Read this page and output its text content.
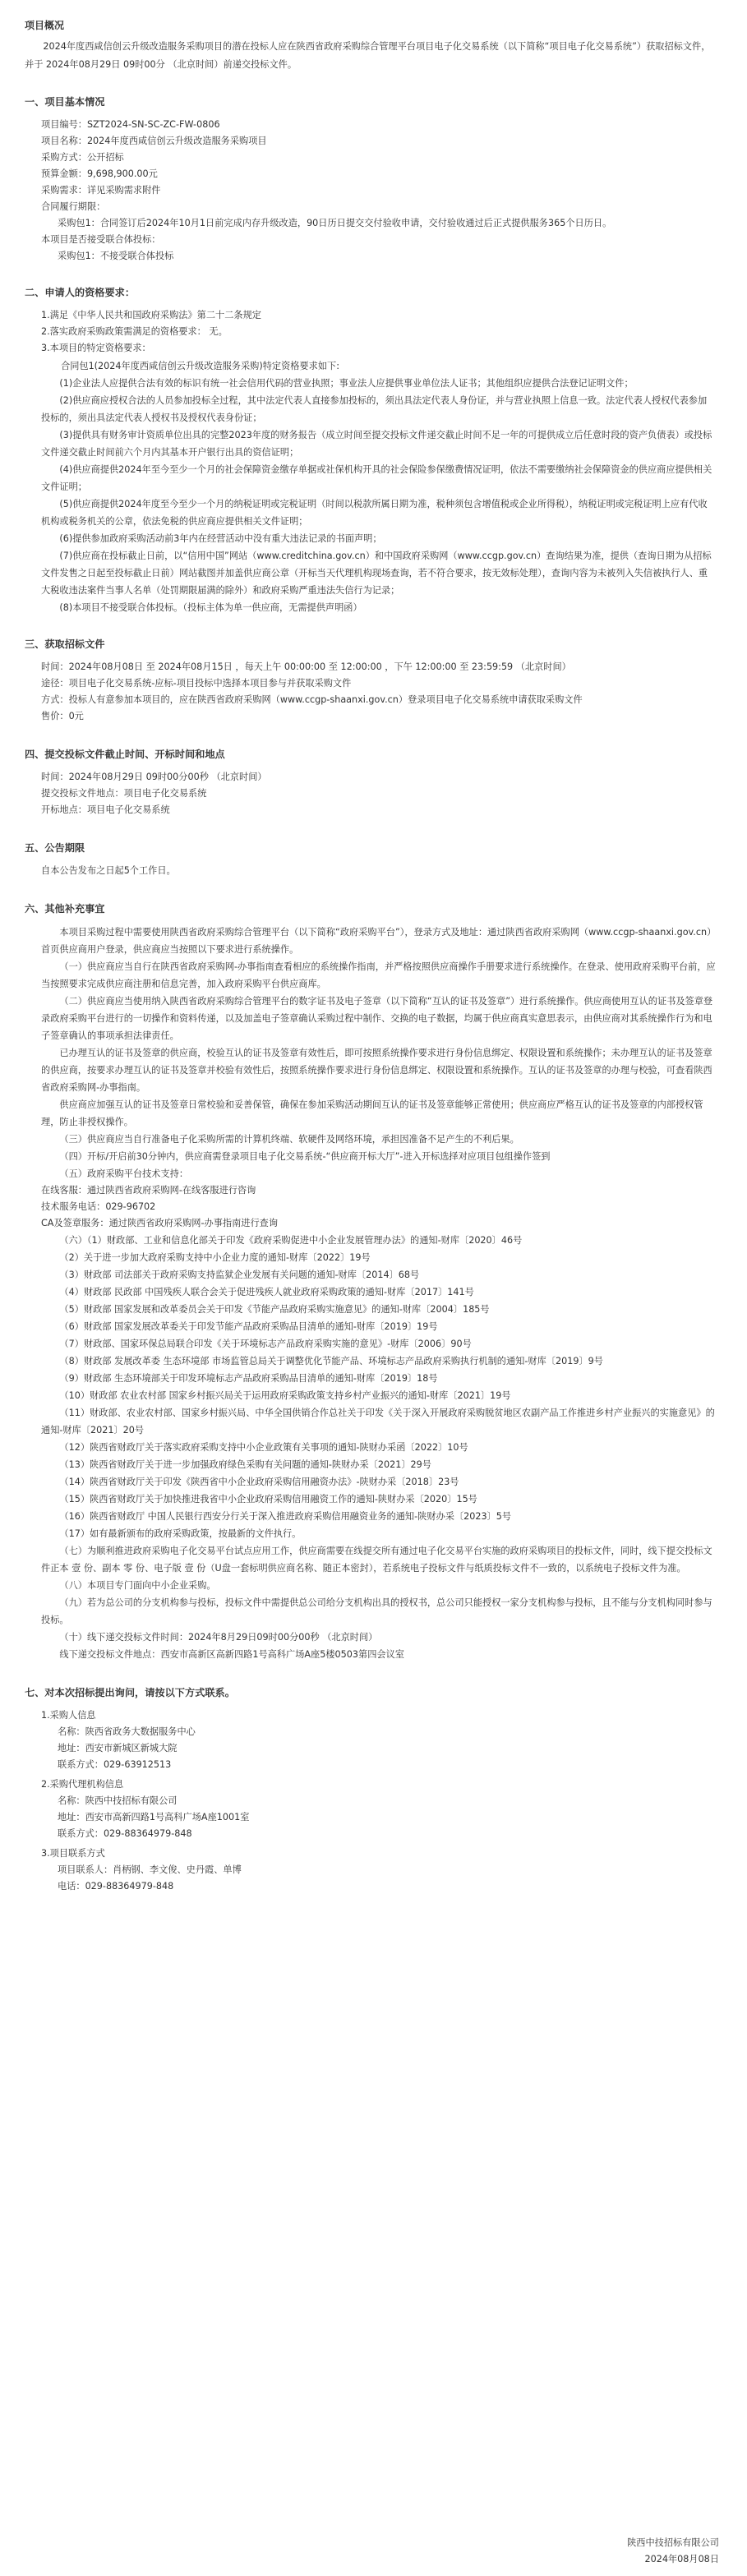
项目概况
2024年度西咸信创云升级改造服务采购项目的潜在投标人应在陕西省政府采购综合管理平台项目电子化交易系统（以下简称“项目电子化交易系统”）获取招标文件，并于 2024年08月29日 09时00分 （北京时间）前递交投标文件。
一、项目基本情况
项目编号：SZT2024-SN-SC-ZC-FW-0806
项目名称：2024年度西咸信创云升级改造服务采购项目
采购方式：公开招标
预算金额：9,698,900.00元
采购需求：详见采购需求附件
合同履行期限：
采购包1：合同签订后2024年10月1日前完成内存升级改造，90日历日提交交付验收申请，交付验收通过后正式提供服务365个日历日。
本项目是否接受联合体投标：
采购包1：不接受联合体投标
二、申请人的资格要求：
1.满足《中华人民共和国政府采购法》第二十二条规定
2.落实政府采购政策需满足的资格要求： 无。
3.本项目的特定资格要求：
合同包1(2024年度西咸信创云升级改造服务采购)特定资格要求如下:
(1)企业法人应提供合法有效的标识有统一社会信用代码的营业执照；事业法人应提供事业单位法人证书；其他组织应提供合法登记证明文件；
(2)供应商应授权合法的人员参加投标全过程，其中法定代表人直接参加投标的，须出具法定代表人身份证，并与营业执照上信息一致。法定代表人授权代表参加投标的，须出具法定代表人授权书及授权代表身份证；
(3)提供具有财务审计资质单位出具的完整2023年度的财务报告（成立时间至提交投标文件递交截止时间不足一年的可提供成立后任意时段的资产负债表）或投标文件递交截止时间前六个月内其基本开户银行出具的资信证明；
(4)供应商提供2024年至今至少一个月的社会保障资金缴存单据或社保机构开具的社会保险参保缴费情况证明，依法不需要缴纳社会保障资金的供应商应提供相关文件证明；
(5)供应商提供2024年度至今至少一个月的纳税证明或完税证明（时间以税款所属日期为准，税种须包含增值税或企业所得税），纳税证明或完税证明上应有代收机构或税务机关的公章，依法免税的供应商应提供相关文件证明；
(6)提供参加政府采购活动前3年内在经营活动中没有重大违法记录的书面声明；
(7)供应商在投标截止日前，以“信用中国”网站（www.creditchina.gov.cn）和中国政府采购网（www.ccgp.gov.cn）查询结果为准，提供（查询日期为从招标文件发售之日起至投标截止日前）网站截图并加盖供应商公章（开标当天代理机构现场查询，若不符合要求，按无效标处理），查询内容为未被列入失信被执行人、重大税收违法案件当事人名单（处罚期限届满的除外）和政府采购严重违法失信行为记录；
(8)本项目不接受联合体投标。（投标主体为单一供应商，无需提供声明函）
三、获取招标文件
时间：2024年08月08日 至 2024年08月15日 ，每天上午 00:00:00 至 12:00:00 ，下午 12:00:00 至 23:59:59 （北京时间）
途径：项目电子化交易系统-应标-项目投标中选择本项目参与并获取采购文件
方式：投标人有意参加本项目的，应在陕西省政府采购网（www.ccgp-shaanxi.gov.cn）登录项目电子化交易系统申请获取采购文件
售价：0元
四、提交投标文件截止时间、开标时间和地点
时间：2024年08月29日 09时00分00秒 （北京时间）
提交投标文件地点：项目电子化交易系统
开标地点：项目电子化交易系统
五、公告期限
自本公告发布之日起5个工作日。
六、其他补充事宜
本项目采购过程中需要使用陕西省政府采购综合管理平台（以下简称“政府采购平台”），登录方式及地址：通过陕西省政府采购网（www.ccgp-shaanxi.gov.cn）首页供应商用户登录，供应商应当按照以下要求进行系统操作。
（一）供应商应当自行在陕西省政府采购网-办事指南查看相应的系统操作指南，并严格按照供应商操作手册要求进行系统操作。在登录、使用政府采购平台前，应当按照要求完成供应商注册和信息完善，加入政府采购平台供应商库。
（二）供应商应当使用纳入陕西省政府采购综合管理平台的数字证书及电子签章（以下简称“互认的证书及签章”）进行系统操作。供应商使用互认的证书及签章登录政府采购平台进行的一切操作和资料传递，以及加盖电子签章确认采购过程中制作、交换的电子数据，均属于供应商真实意思表示，由供应商对其系统操作行为和电子签章确认的事项承担法律责任。
已办理互认的证书及签章的供应商，校验互认的证书及签章有效性后，即可按照系统操作要求进行身份信息绑定、权限设置和系统操作；未办理互认的证书及签章的供应商，按要求办理互认的证书及签章并校验有效性后，按照系统操作要求进行身份信息绑定、权限设置和系统操作。互认的证书及签章的办理与校验，可查看陕西省政府采购网-办事指南。
供应商应加强互认的证书及签章日常校验和妥善保管，确保在参加采购活动期间互认的证书及签章能够正常使用；供应商应严格互认的证书及签章的内部授权管理，防止非授权操作。
（三）供应商应当自行准备电子化采购所需的计算机终端、软硬件及网络环境，承担因准备不足产生的不利后果。
（四）开标/开启前30分钟内，供应商需登录项目电子化交易系统-“供应商开标大厅”-进入开标选择对应项目包组操作签到
（五）政府采购平台技术支持：
在线客服：通过陕西省政府采购网-在线客服进行咨询
技术服务电话：029-96702
CA及签章服务：通过陕西省政府采购网-办事指南进行查询
（六）（1）财政部、工业和信息化部关于印发《政府采购促进中小企业发展管理办法》的通知-财库〔2020〕46号
（2）关于进一步加大政府采购支持中小企业力度的通知-财库〔2022〕19号
（3）财政部 司法部关于政府采购支持监狱企业发展有关问题的通知-财库〔2014〕68号
（4）财政部 民政部 中国残疾人联合会关于促进残疾人就业政府采购政策的通知-财库〔2017〕141号
（5）财政部 国家发展和改革委员会关于印发《节能产品政府采购实施意见》的通知-财库〔2004〕185号
（6）财政部 国家发展改革委关于印发节能产品政府采购品目清单的通知-财库〔2019〕19号
（7）财政部、国家环保总局联合印发《关于环境标志产品政府采购实施的意见》-财库〔2006〕90号
（8）财政部 发展改革委 生态环境部 市场监管总局关于调整优化节能产品、环境标志产品政府采购执行机制的通知-财库〔2019〕9号
（9）财政部 生态环境部关于印发环境标志产品政府采购品目清单的通知-财库〔2019〕18号
（10）财政部 农业农村部 国家乡村振兴局关于运用政府采购政策支持乡村产业振兴的通知-财库〔2021〕19号
（11）财政部、农业农村部、国家乡村振兴局、中华全国供销合作总社关于印发《关于深入开展政府采购脱贫地区农副产品工作推进乡村产业振兴的实施意见》的通知-财库〔2021〕20号
（12）陕西省财政厅关于落实政府采购支持中小企业政策有关事项的通知-陕财办采函〔2022〕10号
（13）陕西省财政厅关于进一步加强政府绿色采购有关问题的通知-陕财办采〔2021〕29号
（14）陕西省财政厅关于印发《陕西省中小企业政府采购信用融资办法》-陕财办采〔2018〕23号
（15）陕西省财政厅关于加快推进我省中小企业政府采购信用融资工作的通知-陕财办采〔2020〕15号
（16）陕西省财政厅 中国人民银行西安分行关于深入推进政府采购信用融资业务的通知-陕财办采〔2023〕5号
（17）如有最新颁布的政府采购政策，按最新的文件执行。
（七）为顺利推进政府采购电子化交易平台试点应用工作，供应商需要在线提交所有通过电子化交易平台实施的政府采购项目的投标文件，同时，线下提交投标文件正本 壹 份、副本 零 份、电子版 壹 份（U盘一套标明供应商名称、随正本密封），若系统电子投标文件与纸质投标文件不一致的，以系统电子投标文件为准。
（八）本项目专门面向中小企业采购。
（九）若为总公司的分支机构参与投标，投标文件中需提供总公司给分支机构出具的授权书，总公司只能授权一家分支机构参与投标，且不能与分支机构同时参与投标。
（十）线下递交投标文件时间：2024年8月29日09时00分00秒 （北京时间）
线下递交投标文件地点：西安市高新区高新四路1号高科广场A座5楼0503第四会议室
七、对本次招标提出询问，请按以下方式联系。
1.采购人信息
名称：陕西省政务大数据服务中心
地址：西安市新城区新城大院
联系方式：029-63912513
2.采购代理机构信息
名称：陕西中技招标有限公司
地址：西安市高新四路1号高科广场A座1001室
联系方式：029-88364979-848
3.项目联系方式
项目联系人：肖柄钢、李文俊、史丹霞、单博
电话：029-88364979-848
陕西中技招标有限公司
2024年08月08日
